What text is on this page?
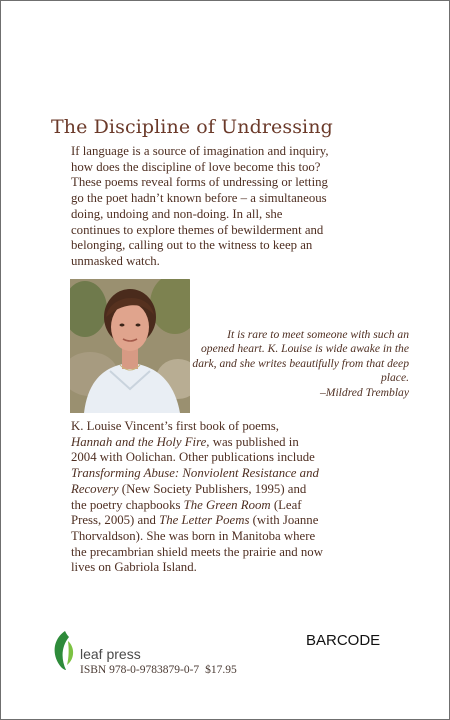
The Discipline of Undressing

If language is a source of imagination and inquiry, how does the discipline of love become this too? These poems reveal forms of undressing or letting go the poet hadn’t known before – a simultaneous doing, undoing and non-doing. In all, she continues to explore themes of bewilderment and belonging, calling out to the witness to keep an unmasked watch.

It is rare to meet someone with such an opened heart. K. Louise is wide awake in the dark, and she writes beautifully from that deep place.

–Mildred Tremblay

K. Louise Vincent’s first book of poems, Hannah and the Holy Fire, was published in 2004 with Oolichan. Other publications include Transforming Abuse: Nonviolent Resistance and Recovery (New Society Publishers, 1995) and the poetry chapbooks The Green Room (Leaf Press, 2005) and The Letter Poems (with Joanne Thorvaldson). She was born in Manitoba where the precambrian shield meets the prairie and now lives on Gabriola Island.

leaf press
ISBN 978-0-9783879-0-7 $17.95
BARCODE
